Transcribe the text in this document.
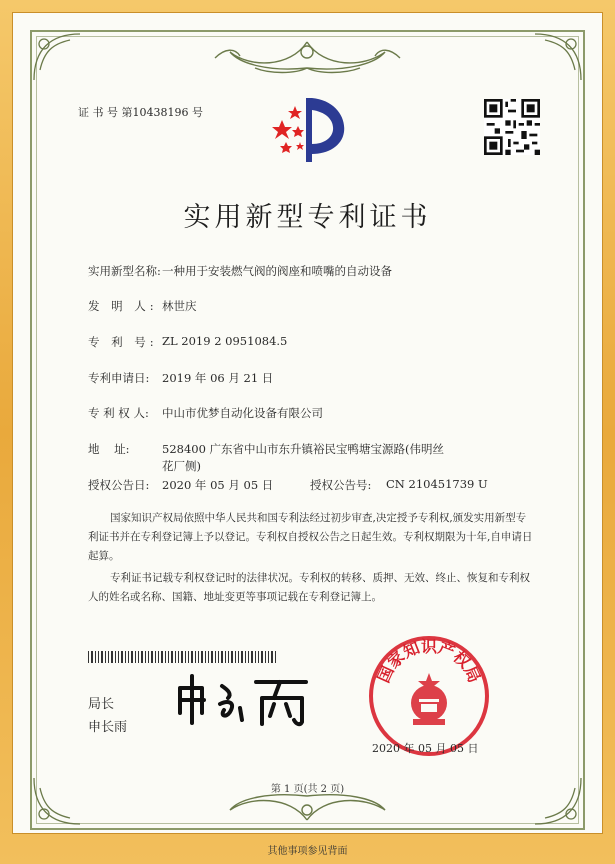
证 书 号 第10438196 号
实用新型专利证书
实用新型名称: 一种用于安装燃气阀的阀座和喷嘴的自动设备
发 明 人: 林世庆
专 利 号: ZL 2019 2 0951084.5
专利申请日: 2019 年 06 月 21 日
专 利 权 人: 中山市优梦自动化设备有限公司
地    址:	528400 广东省中山市东升镇裕民宝鸭塘宝源路(伟明丝
花厂侧)
授权公告日: 2020 年 05 月 05 日	授权公告号: CN 210451739 U
国家知识产权局依照中华人民共和国专利法经过初步审查,决定授予专利权,颁发实用新型专利证书并在专利登记簿上予以登记。专利权自授权公告之日起生效。专利权期限为十年,自申请日起算。
专利证书记载专利权登记时的法律状况。专利权的转移、质押、无效、终止、恢复和专利权人的姓名或名称、国籍、地址变更等事项记载在专利登记簿上。
局长
申长雨
国家知识产权局
2020 年 05 月 05 日
第 1 页(共 2 页)
其他事项参见背面
